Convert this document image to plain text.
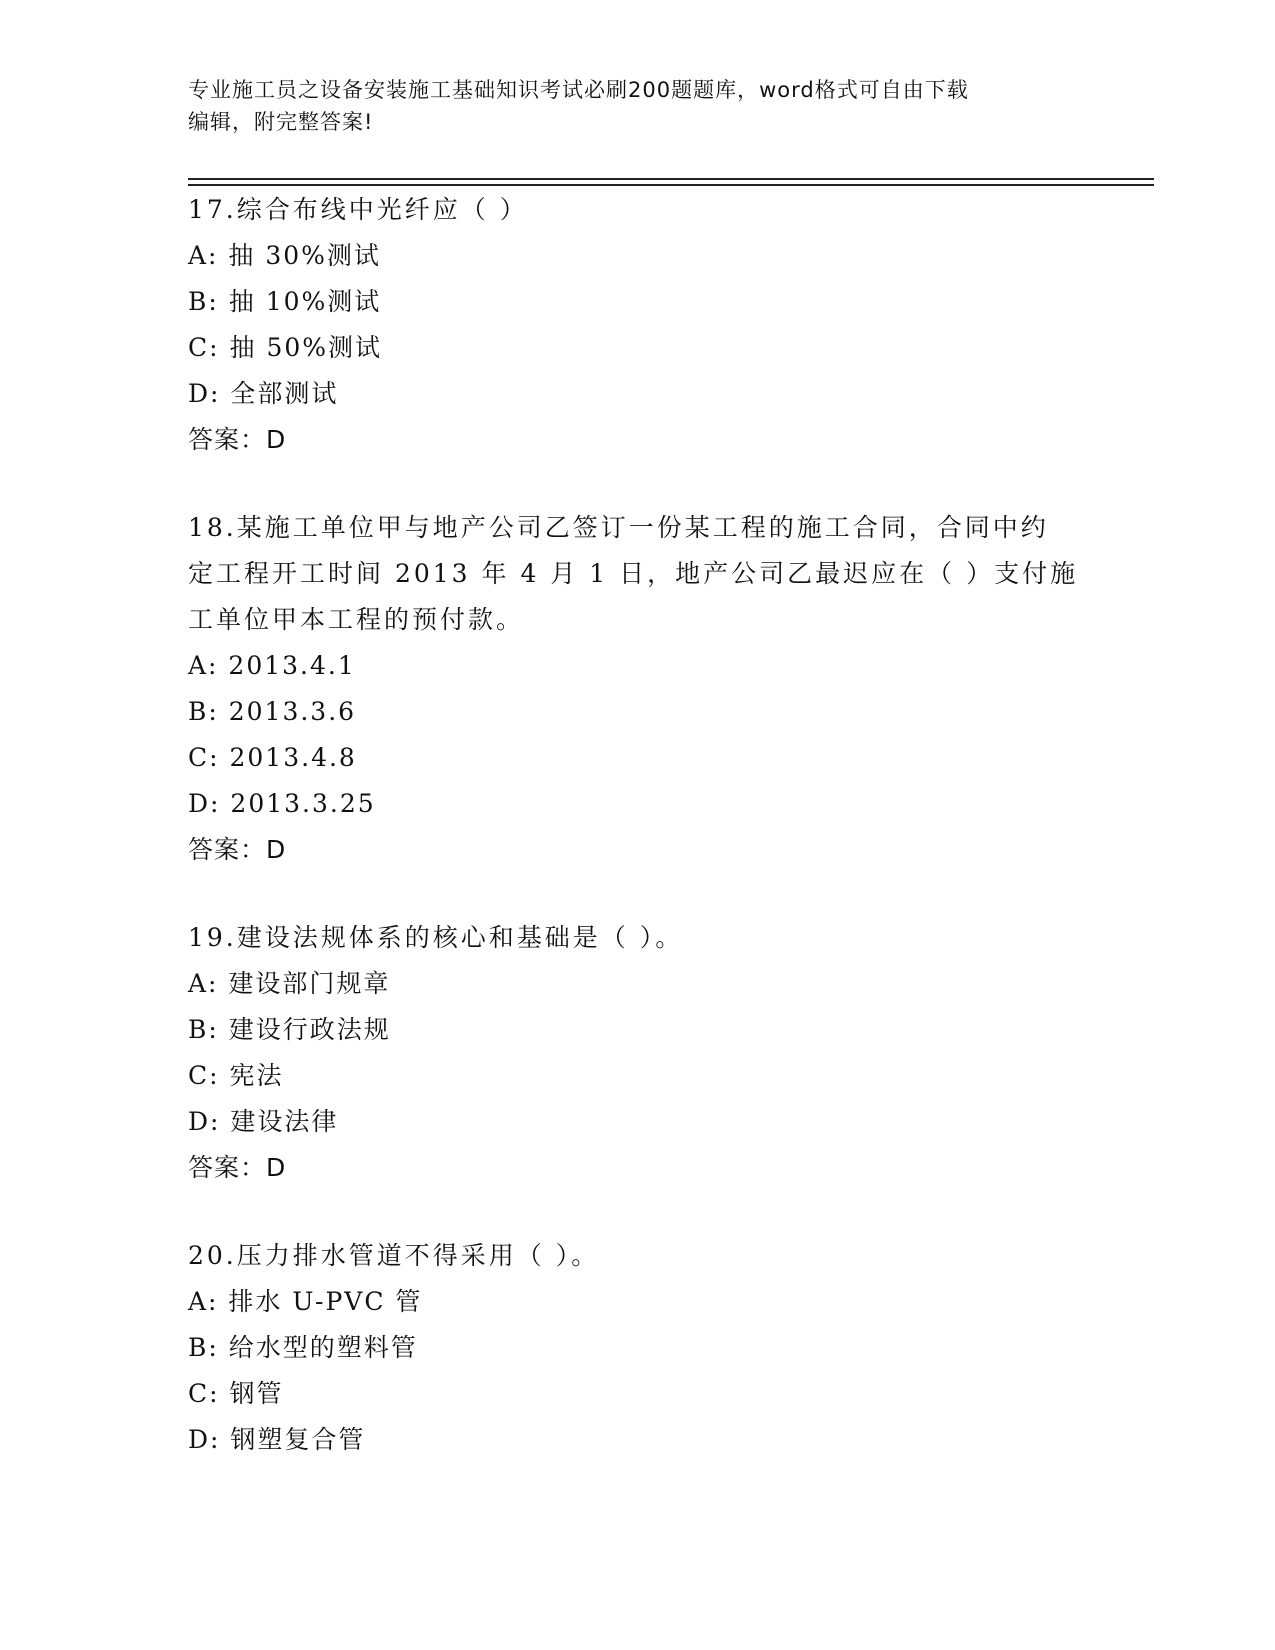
专业施工员之设备安装施工基础知识考试必刷200题题库，word格式可自由下载
编辑，附完整答案!
17.综合布线中光纤应（ ）
A: 抽 30%测试
B: 抽 10%测试
C: 抽 50%测试
D: 全部测试
答案：D
18.某施工单位甲与地产公司乙签订一份某工程的施工合同，合同中约
定工程开工时间 2013 年 4 月 1 日，地产公司乙最迟应在（ ）支付施
工单位甲本工程的预付款。
A: 2013.4.1
B: 2013.3.6
C: 2013.4.8
D: 2013.3.25
答案：D
19.建设法规体系的核心和基础是（ ）。
A: 建设部门规章
B: 建设行政法规
C: 宪法
D: 建设法律
答案：D
20.压力排水管道不得采用（ ）。
A: 排水 U-PVC 管
B: 给水型的塑料管
C: 钢管
D: 钢塑复合管
